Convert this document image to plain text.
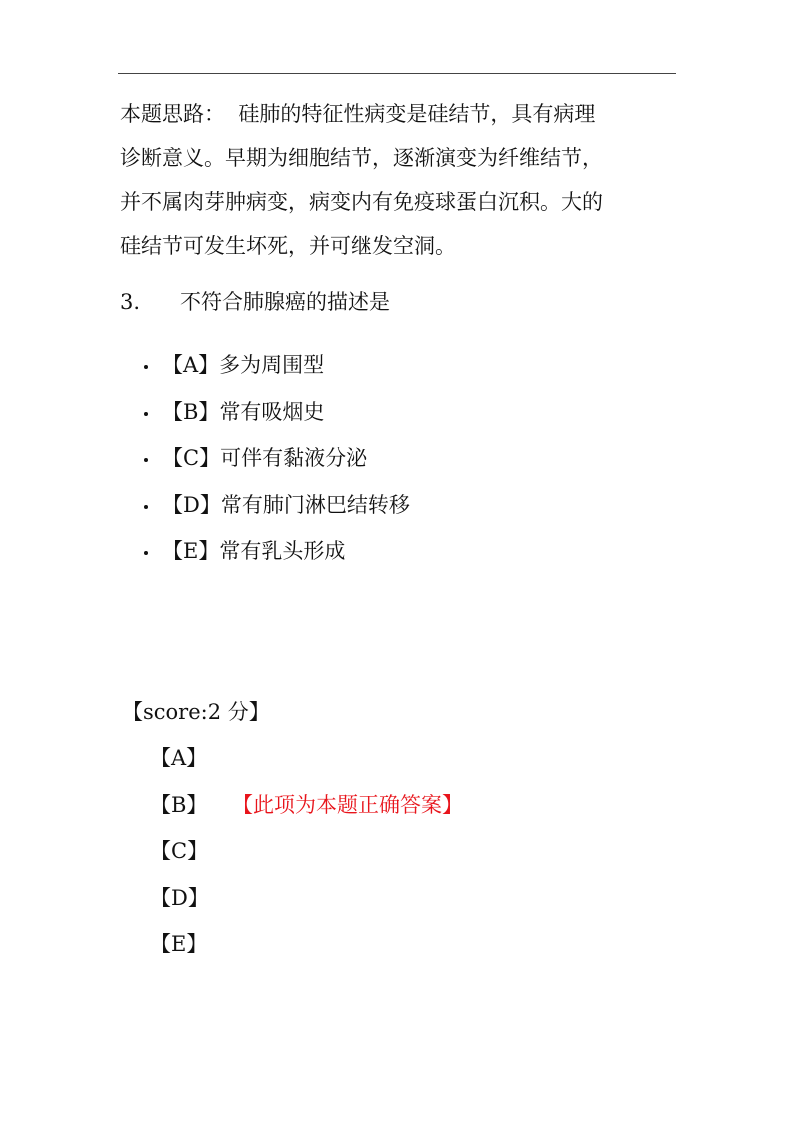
本题思路： 硅肺的特征性病变是硅结节，具有病理
诊断意义。早期为细胞结节，逐渐演变为纤维结节，
并不属肉芽肿病变，病变内有免疫球蛋白沉积。大的
硅结节可发生坏死，并可继发空洞。
3. 不符合肺腺癌的描述是
【A】多为周围型
【B】常有吸烟史
【C】可伴有黏液分泌
【D】常有肺门淋巴结转移
【E】常有乳头形成
【score:2 分】
【A】
【B】 【此项为本题正确答案】
【C】
【D】
【E】
